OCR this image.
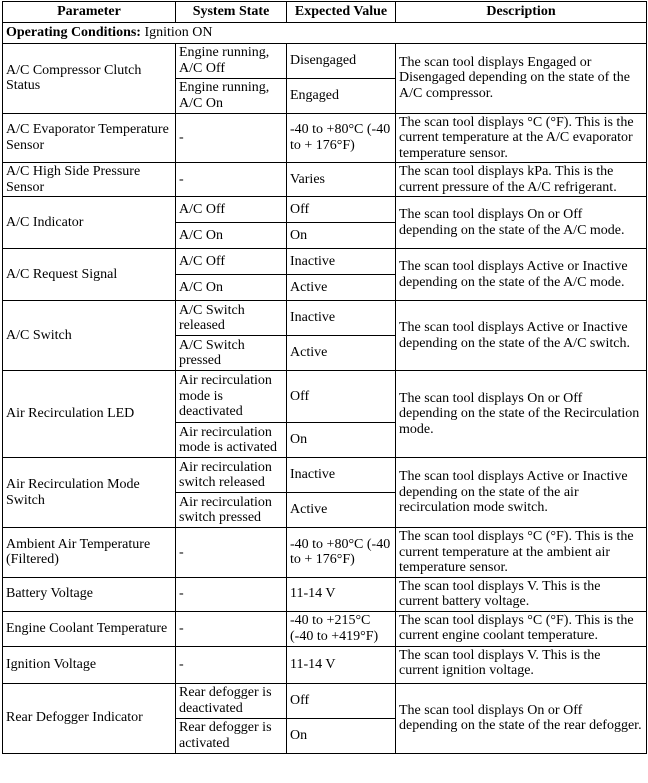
Parameter	System State	Expected Value	Description
Operating Conditions: Ignition ON			
A/C Compressor Clutch Status	Engine running, A/C Off	Disengaged	The scan tool displays Engaged or Disengaged depending on the state of the A/C compressor.
	Engine running, A/C On	Engaged	
A/C Evaporator Temperature Sensor	-	-40 to +80°C (-40 to + 176°F)	The scan tool displays °C (°F). This is the current temperature at the A/C evaporator temperature sensor.
A/C High Side Pressure Sensor	-	Varies	The scan tool displays kPa. This is the current pressure of the A/C refrigerant.
A/C Indicator	A/C Off	Off	The scan tool displays On or Off depending on the state of the A/C mode.
	A/C On	On	
A/C Request Signal	A/C Off	Inactive	The scan tool displays Active or Inactive depending on the state of the A/C mode.
	A/C On	Active	
A/C Switch	A/C Switch released	Inactive	The scan tool displays Active or Inactive depending on the state of the A/C switch.
	A/C Switch pressed	Active	
Air Recirculation LED	Air recirculation mode is deactivated	Off	The scan tool displays On or Off depending on the state of the Recirculation mode.
	Air recirculation mode is activated	On	
Air Recirculation Mode Switch	Air recirculation switch released	Inactive	The scan tool displays Active or Inactive depending on the state of the air recirculation mode switch.
	Air recirculation switch pressed	Active	
Ambient Air Temperature (Filtered)	-	-40 to +80°C (-40 to + 176°F)	The scan tool displays °C (°F). This is the current temperature at the ambient air temperature sensor.
Battery Voltage	-	11-14 V	The scan tool displays V. This is the current battery voltage.
Engine Coolant Temperature	-	-40 to +215°C (-40 to +419°F)	The scan tool displays °C (°F). This is the current engine coolant temperature.
Ignition Voltage	-	11-14 V	The scan tool displays V. This is the current ignition voltage.
Rear Defogger Indicator	Rear defogger is deactivated	Off	The scan tool displays On or Off depending on the state of the rear defogger.
	Rear defogger is activated	On	
